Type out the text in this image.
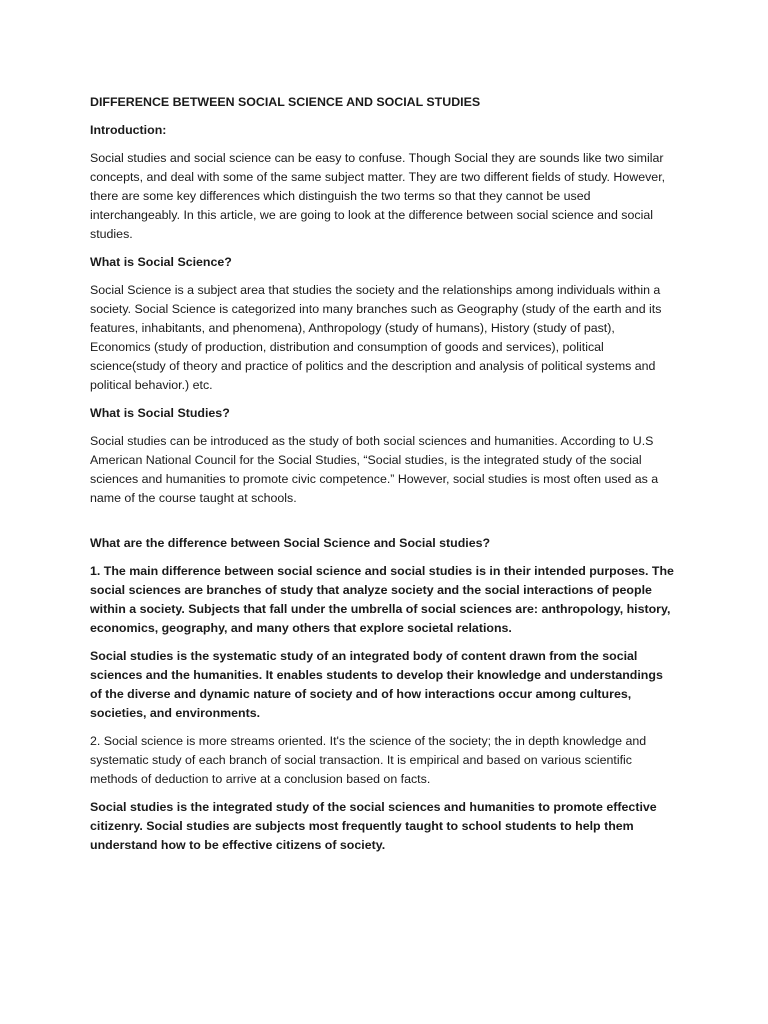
DIFFERENCE BETWEEN SOCIAL SCIENCE AND SOCIAL STUDIES

Introduction:

Social studies and social science can be easy to confuse. Though Social they are sounds like two similar concepts, and deal with some of the same subject matter. They are two different fields of study. However, there are some key differences which distinguish the two terms so that they cannot be used interchangeably. In this article, we are going to look at the difference between social science and social studies.

What is Social Science?

Social Science is a subject area that studies the society and the relationships among individuals within a society. Social Science is categorized into many branches such as Geography (study of the earth and its features, inhabitants, and phenomena), Anthropology (study of humans), History (study of past), Economics (study of production, distribution and consumption of goods and services), political science(study of theory and practice of politics and the description and analysis of political systems and political behavior.) etc.

What is Social Studies?

Social studies can be introduced as the study of both social sciences and humanities. According to U.S American National Council for the Social Studies, “Social studies, is the integrated study of the social sciences and humanities to promote civic competence.” However, social studies is most often used as a name of the course taught at schools.

What are the difference between Social Science and Social studies?

1. The main difference between social science and social studies is in their intended purposes. The social sciences are branches of study that analyze society and the social interactions of people within a society. Subjects that fall under the umbrella of social sciences are: anthropology, history, economics, geography, and many others that explore societal relations.

Social studies is the systematic study of an integrated body of content drawn from the social sciences and the humanities. It enables students to develop their knowledge and understandings of the diverse and dynamic nature of society and of how interactions occur among cultures, societies, and environments.

2. Social science is more streams oriented. It's the science of the society; the in depth knowledge and systematic study of each branch of social transaction. It is empirical and based on various scientific methods of deduction to arrive at a conclusion based on facts.

Social studies is the integrated study of the social sciences and humanities to promote effective citizenry. Social studies are subjects most frequently taught to school students to help them understand how to be effective citizens of society.
